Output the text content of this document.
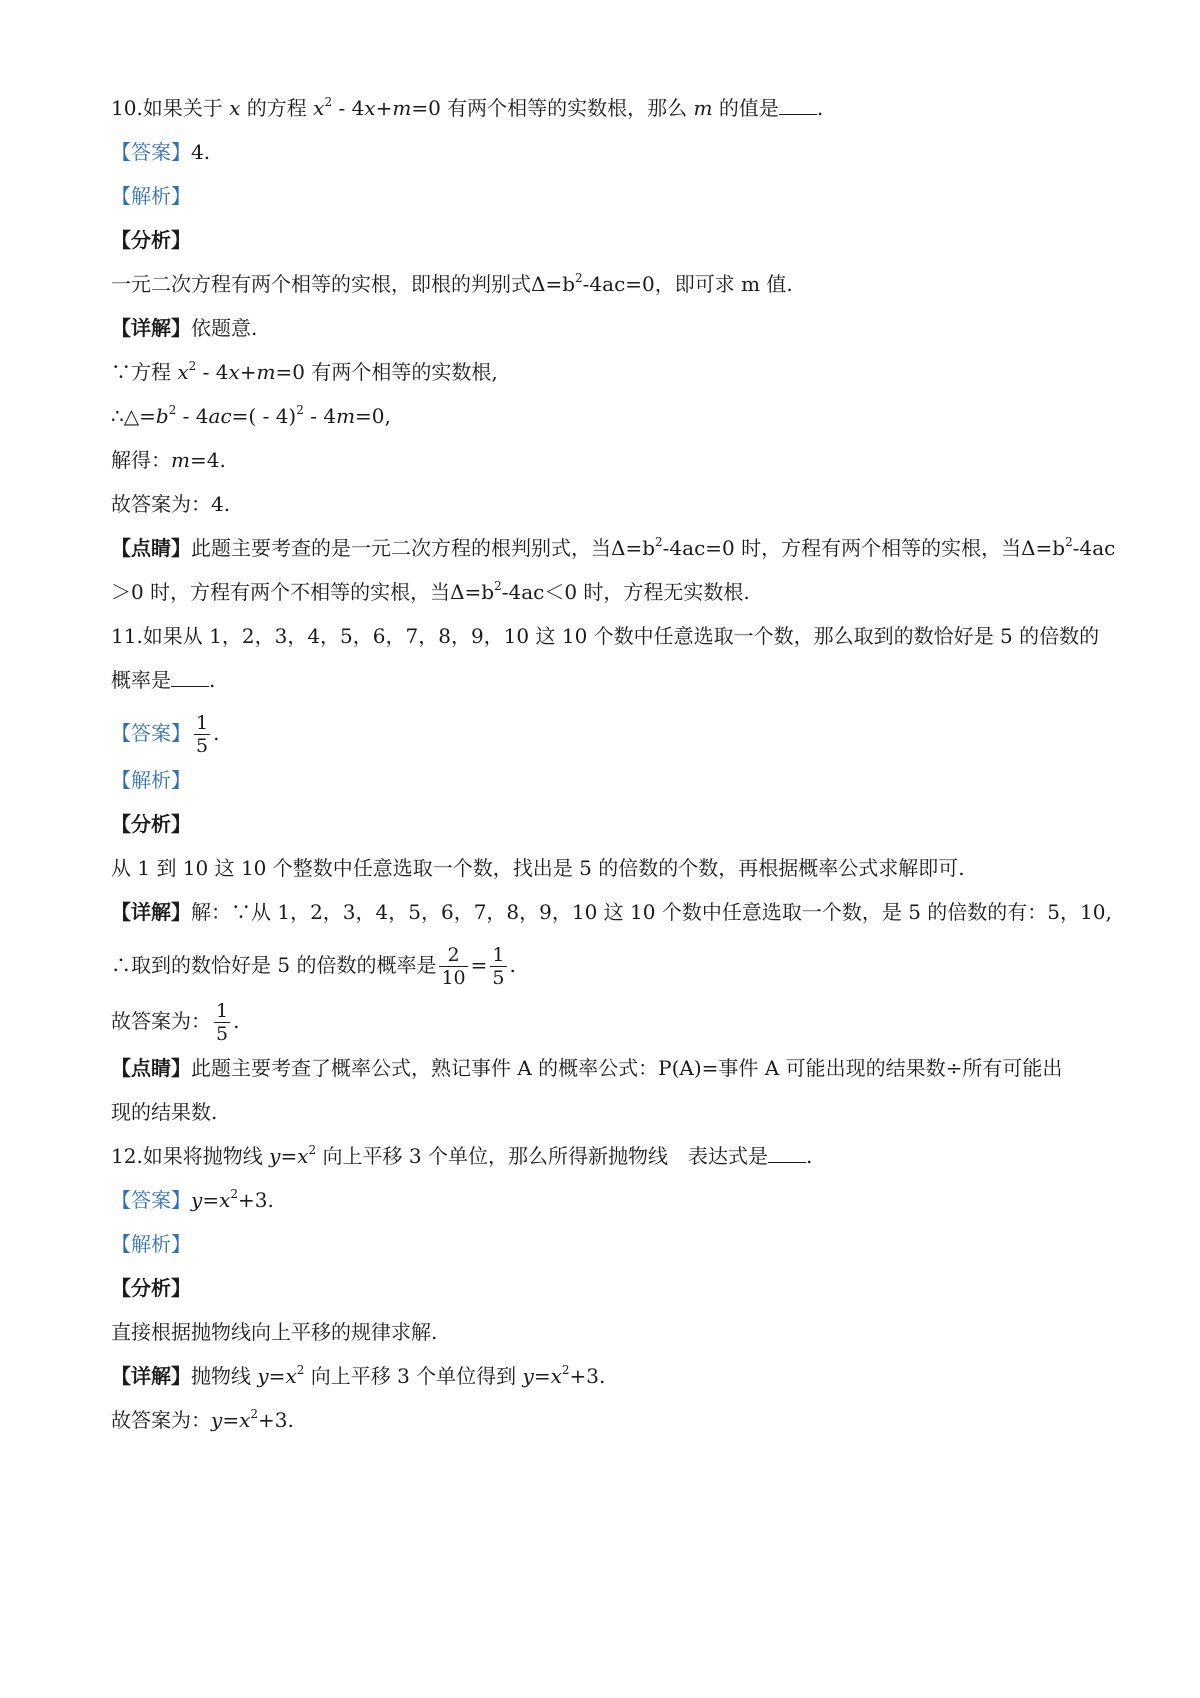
10.如果关于 x 的方程 $x^2 - 4x+m=0$ 有两个相等的实数根，那么 m 的值是 .
【答案】4.
【解析】
【分析】
一元二次方程有两个相等的实根，即根的判别式$\Delta=b^2-4ac=0$，即可求 m 值.
【详解】依题意.
∵方程 $x^2 - 4x+m=0$ 有两个相等的实数根,
$\therefore\triangle=b^2 - 4ac=( - 4)^2 - 4m=0$,
解得：m=4.
故答案为：4.
【点睛】此题主要考查的是一元二次方程的根判别式，当$\Delta=b^2-4ac=0$ 时，方程有两个相等的实根，当$\Delta=b^2-4ac$
＞0 时，方程有两个不相等的实根，当$\Delta=b^2-4ac<0$ 时，方程无实数根.
11.如果从 1，2，3，4，5，6，7，8，9，10 这 10 个数中任意选取一个数，那么取到的数恰好是 5 的倍数的
概率是 .
【答案】 $\frac{1}{5}$ .
【解析】
【分析】
从 1 到 10 这 10 个整数中任意选取一个数，找出是 5 的倍数的个数，再根据概率公式求解即可.
【详解】解：∵从 1，2，3，4，5，6，7，8，9，10 这 10 个数中任意选取一个数，是 5 的倍数的有：5，10,
∴取到的数恰好是 5 的倍数的概率是 $\frac{2}{10} = \frac{1}{5}$ .
故答案为： $\frac{1}{5}$ .
【点睛】此题主要考查了概率公式，熟记事件 A 的概率公式：P(A)=事件 A 可能出现的结果数÷所有可能出
现的结果数.
12.如果将抛物线 $y=x^2$ 向上平移 3 个单位，那么所得新抛物线　表达式是 .
【答案】$y=x^2+3$.
【解析】
【分析】
直接根据抛物线向上平移的规律求解.
【详解】抛物线 $y=x^2$ 向上平移 3 个单位得到 $y=x^2+3$.
故答案为：$y=x^2+3$.
